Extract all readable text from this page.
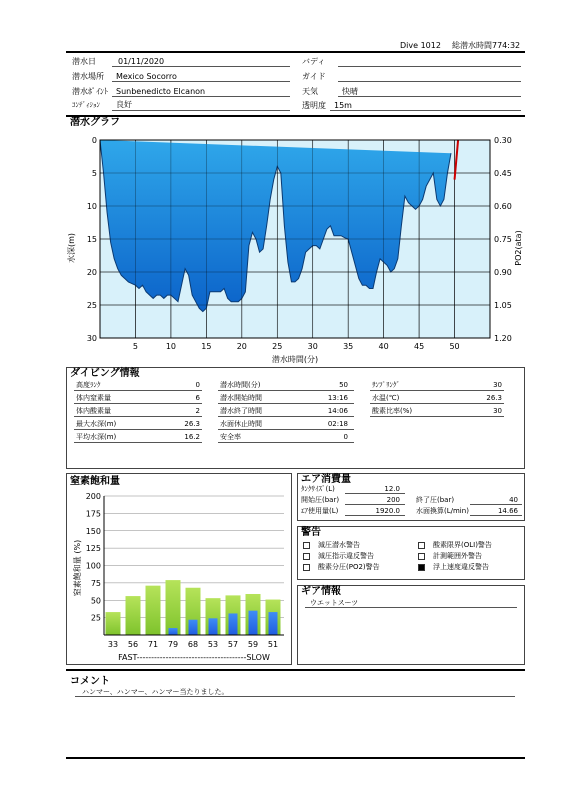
Dive 1012 総潜水時間 774:32
潜水日	01/11/2020
潜水場所 Mexico Socorro
潜水ﾎﾟｲﾝﾄ Sunbenedicto Elcanon
ｺﾝﾃﾞｨｼｮﾝ 良好
バディ
ガイド
天気	快晴
透明度 15m
潜水グラフ
5	10	15	20	25	30	35	40	45	50
0
5
10
15
20
25
30
0.30
0.45
0.60
0.75
0.90
1.05
1.20
潜水時間(分)
水深(m)	PO2(ata)
ダイビング情報
高度ﾗﾝｸ	0	潜水時間(分)	50	ｻﾝﾌﾟﾘﾝｸﾞ	30
体内窒素量	6	潜水開始時間	13:16	水温(℃)	26.3
体内酸素量	2	潜水終了時間	14:06	酸素比率(%)	30
最大水深(m)	26.3	水面休止時間	02:18
平均水深(m)	16.2	安全率	0
窒素飽和量
25
50
75
100
125
150
175
200
33 56 71 79 68 53 57 59 51
窒素飽和量 (%)
FAST--------------------------------------SLOW
エア消費量
ﾀﾝｸｻｲｽﾞ(L)	12.0
開始圧(bar)	200 終了圧(bar)	40
ｴｱ使用量(L)	1920.0 水面換算(L/min)	14.66
警告
減圧潜水警告	酸素限界(OLI)警告
減圧指示違反警告	計測範囲外警告
酸素分圧(PO2)警告	浮上速度違反警告
ギア情報
ウエットスーツ
コメント
ハンマー、ハンマー、ハンマー当たりました。
